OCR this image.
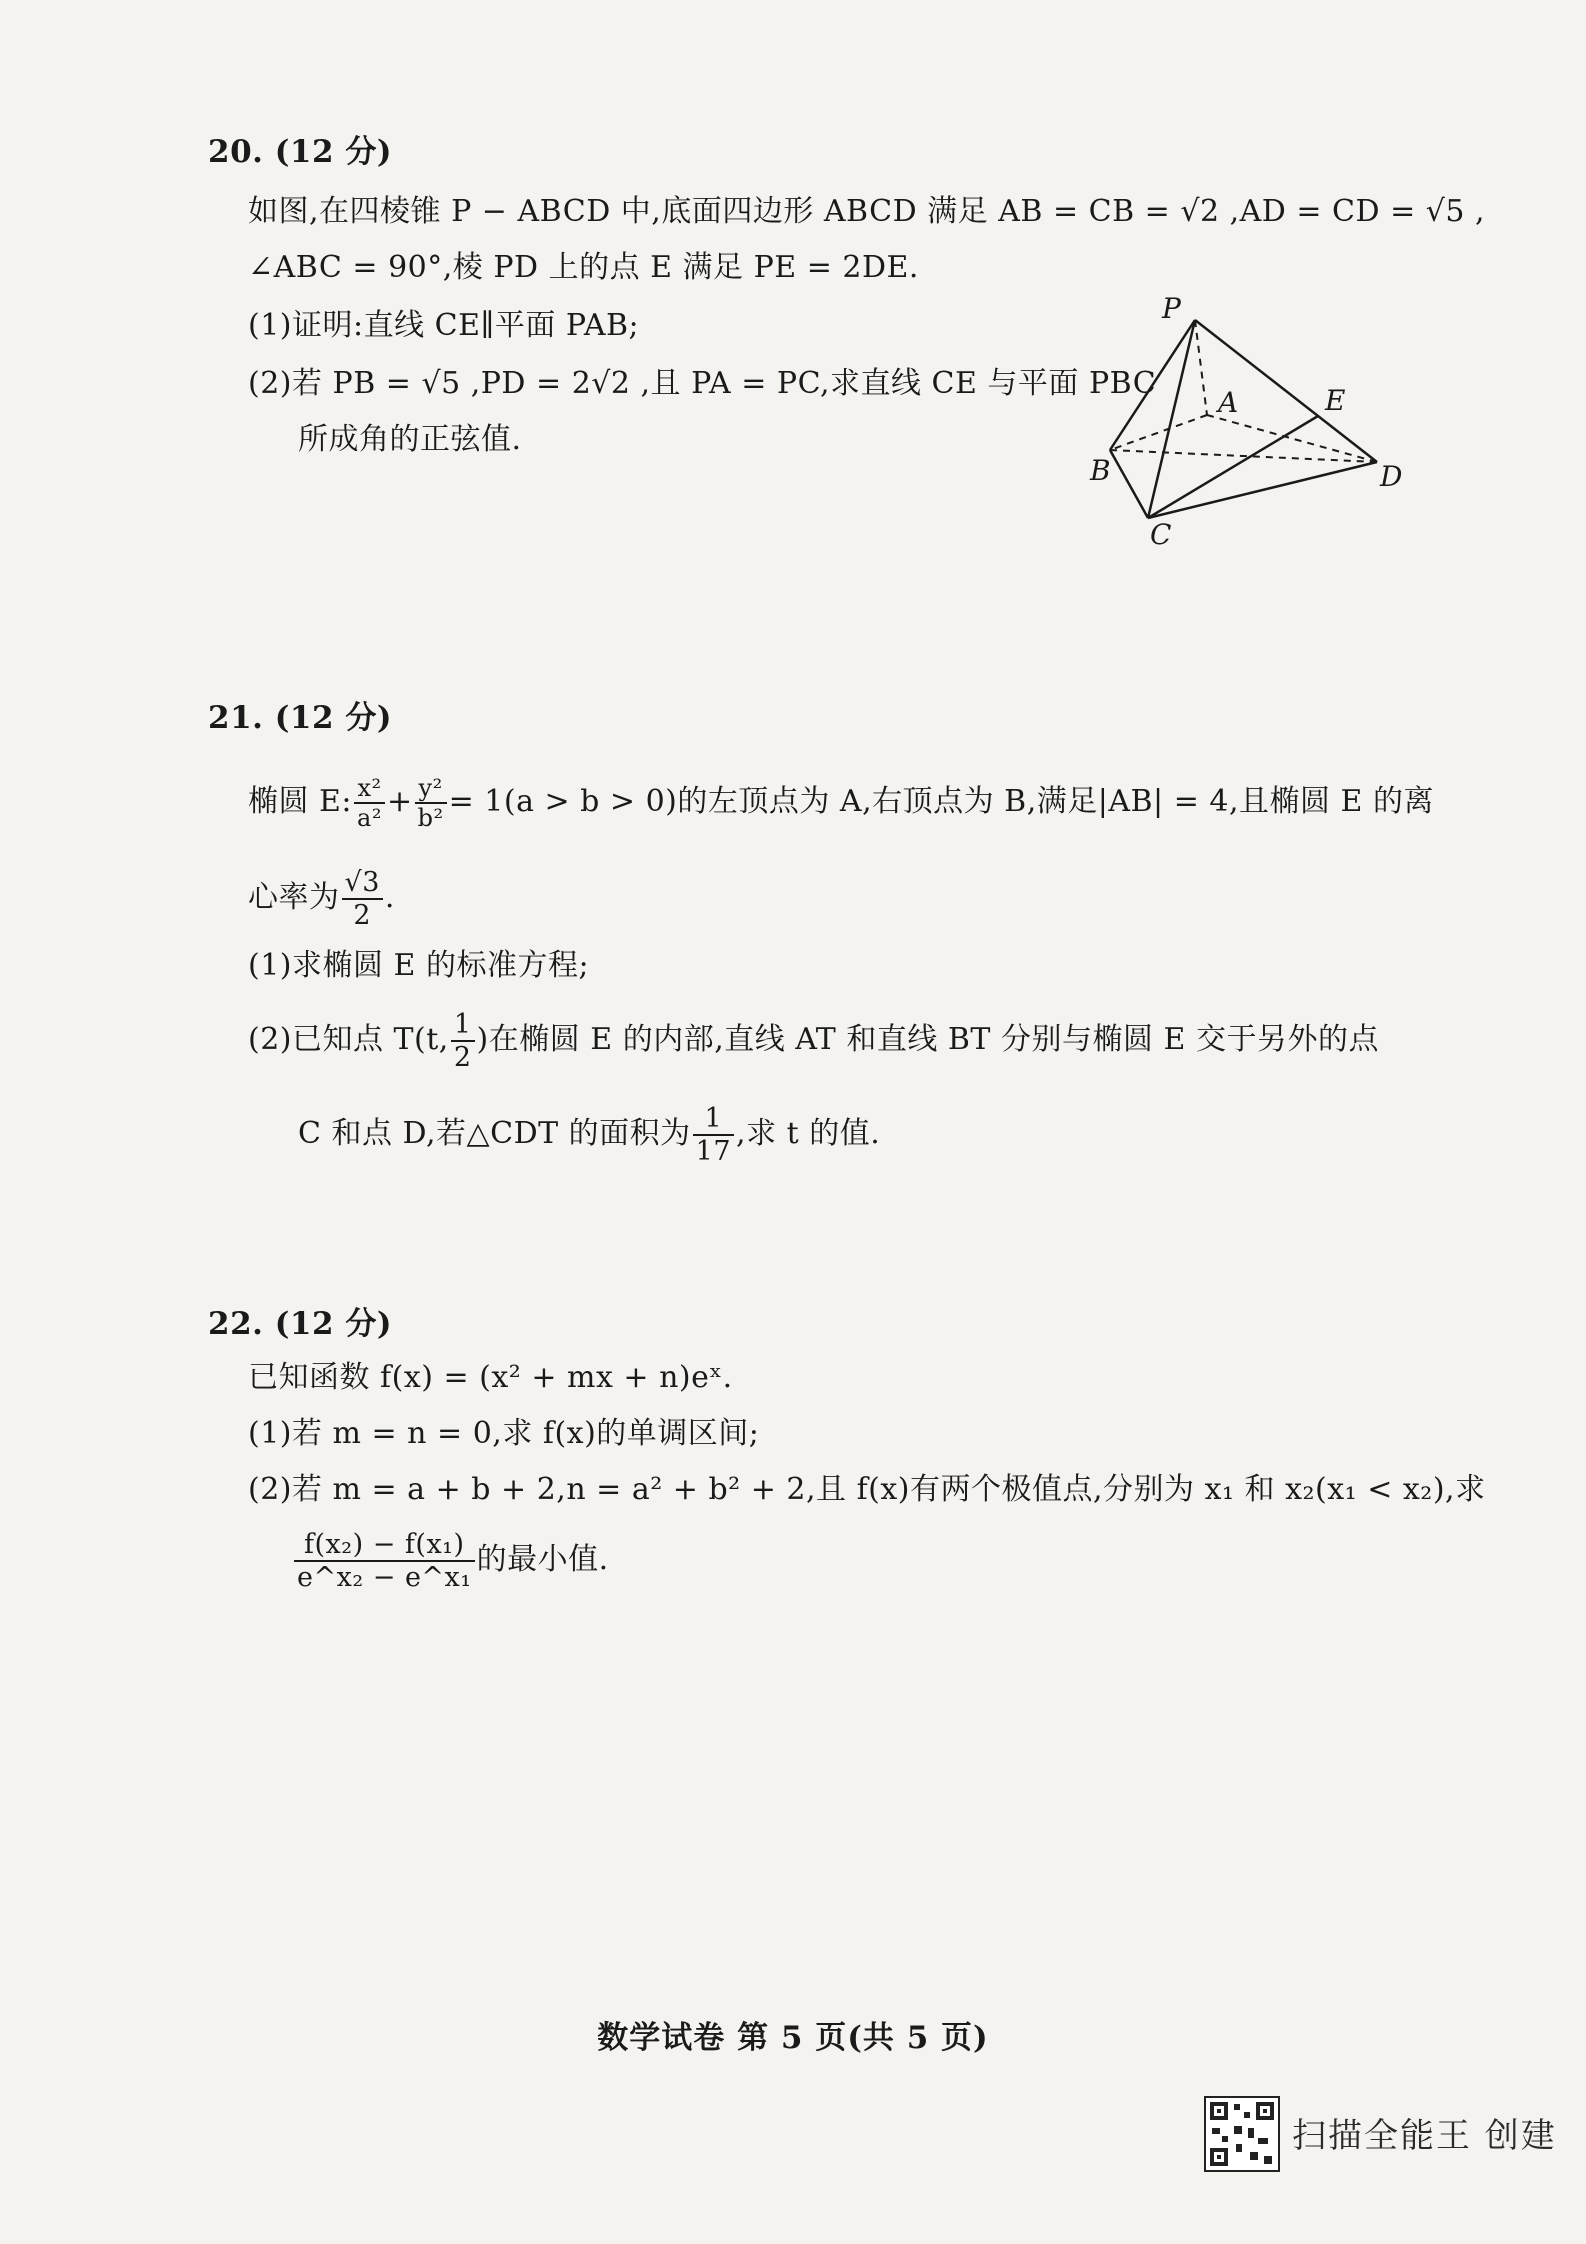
20. (12 分)
如图,在四棱锥 P − ABCD 中,底面四边形 ABCD 满足 AB = CB = √2 ,AD = CD = √5 ,
∠ABC = 90°,棱 PD 上的点 E 满足 PE = 2DE.
(1)证明:直线 CE∥平面 PAB;
(2)若 PB = √5 ,PD = 2√2 ,且 PA = PC,求直线 CE 与平面 PBC
所成角的正弦值.
P
A	E
B	D
C
21. (12 分)
椭圆 E: $\frac{\text{x²}}{\text{a²}} + \frac{\text{y²}}{\text{b²}} = 1(a > b > 0)$的左顶点为 A,右顶点为 B,满足|AB| = 4,且椭圆 E 的离
心率为 $\frac{√3}{2}$ .
(1)求椭圆 E 的标准方程;
(2)已知点 T(t, $\frac{1}{2}$ )在椭圆 E 的内部,直线 AT 和直线 BT 分别与椭圆 E 交于另外的点
C 和点 D,若△CDT 的面积为 $\frac{1}{17}$ ,求 t 的值.
22. (12 分)
已知函数 f(x) = (x² + mx + n)eˣ.
(1)若 m = n = 0,求 f(x)的单调区间;
(2)若 m = a + b + 2,n = a² + b² + 2,且 f(x)有两个极值点,分别为 x₁ 和 x₂(x₁ < x₂),求
$\frac{\text{f(x₂) − f(x₁)}}{\text{e\textasciicircum{}x₂ − e\textasciicircum{}x₁}}$ 的最小值.
数学试卷 第 5 页(共 5 页)
扫描全能王 创建
